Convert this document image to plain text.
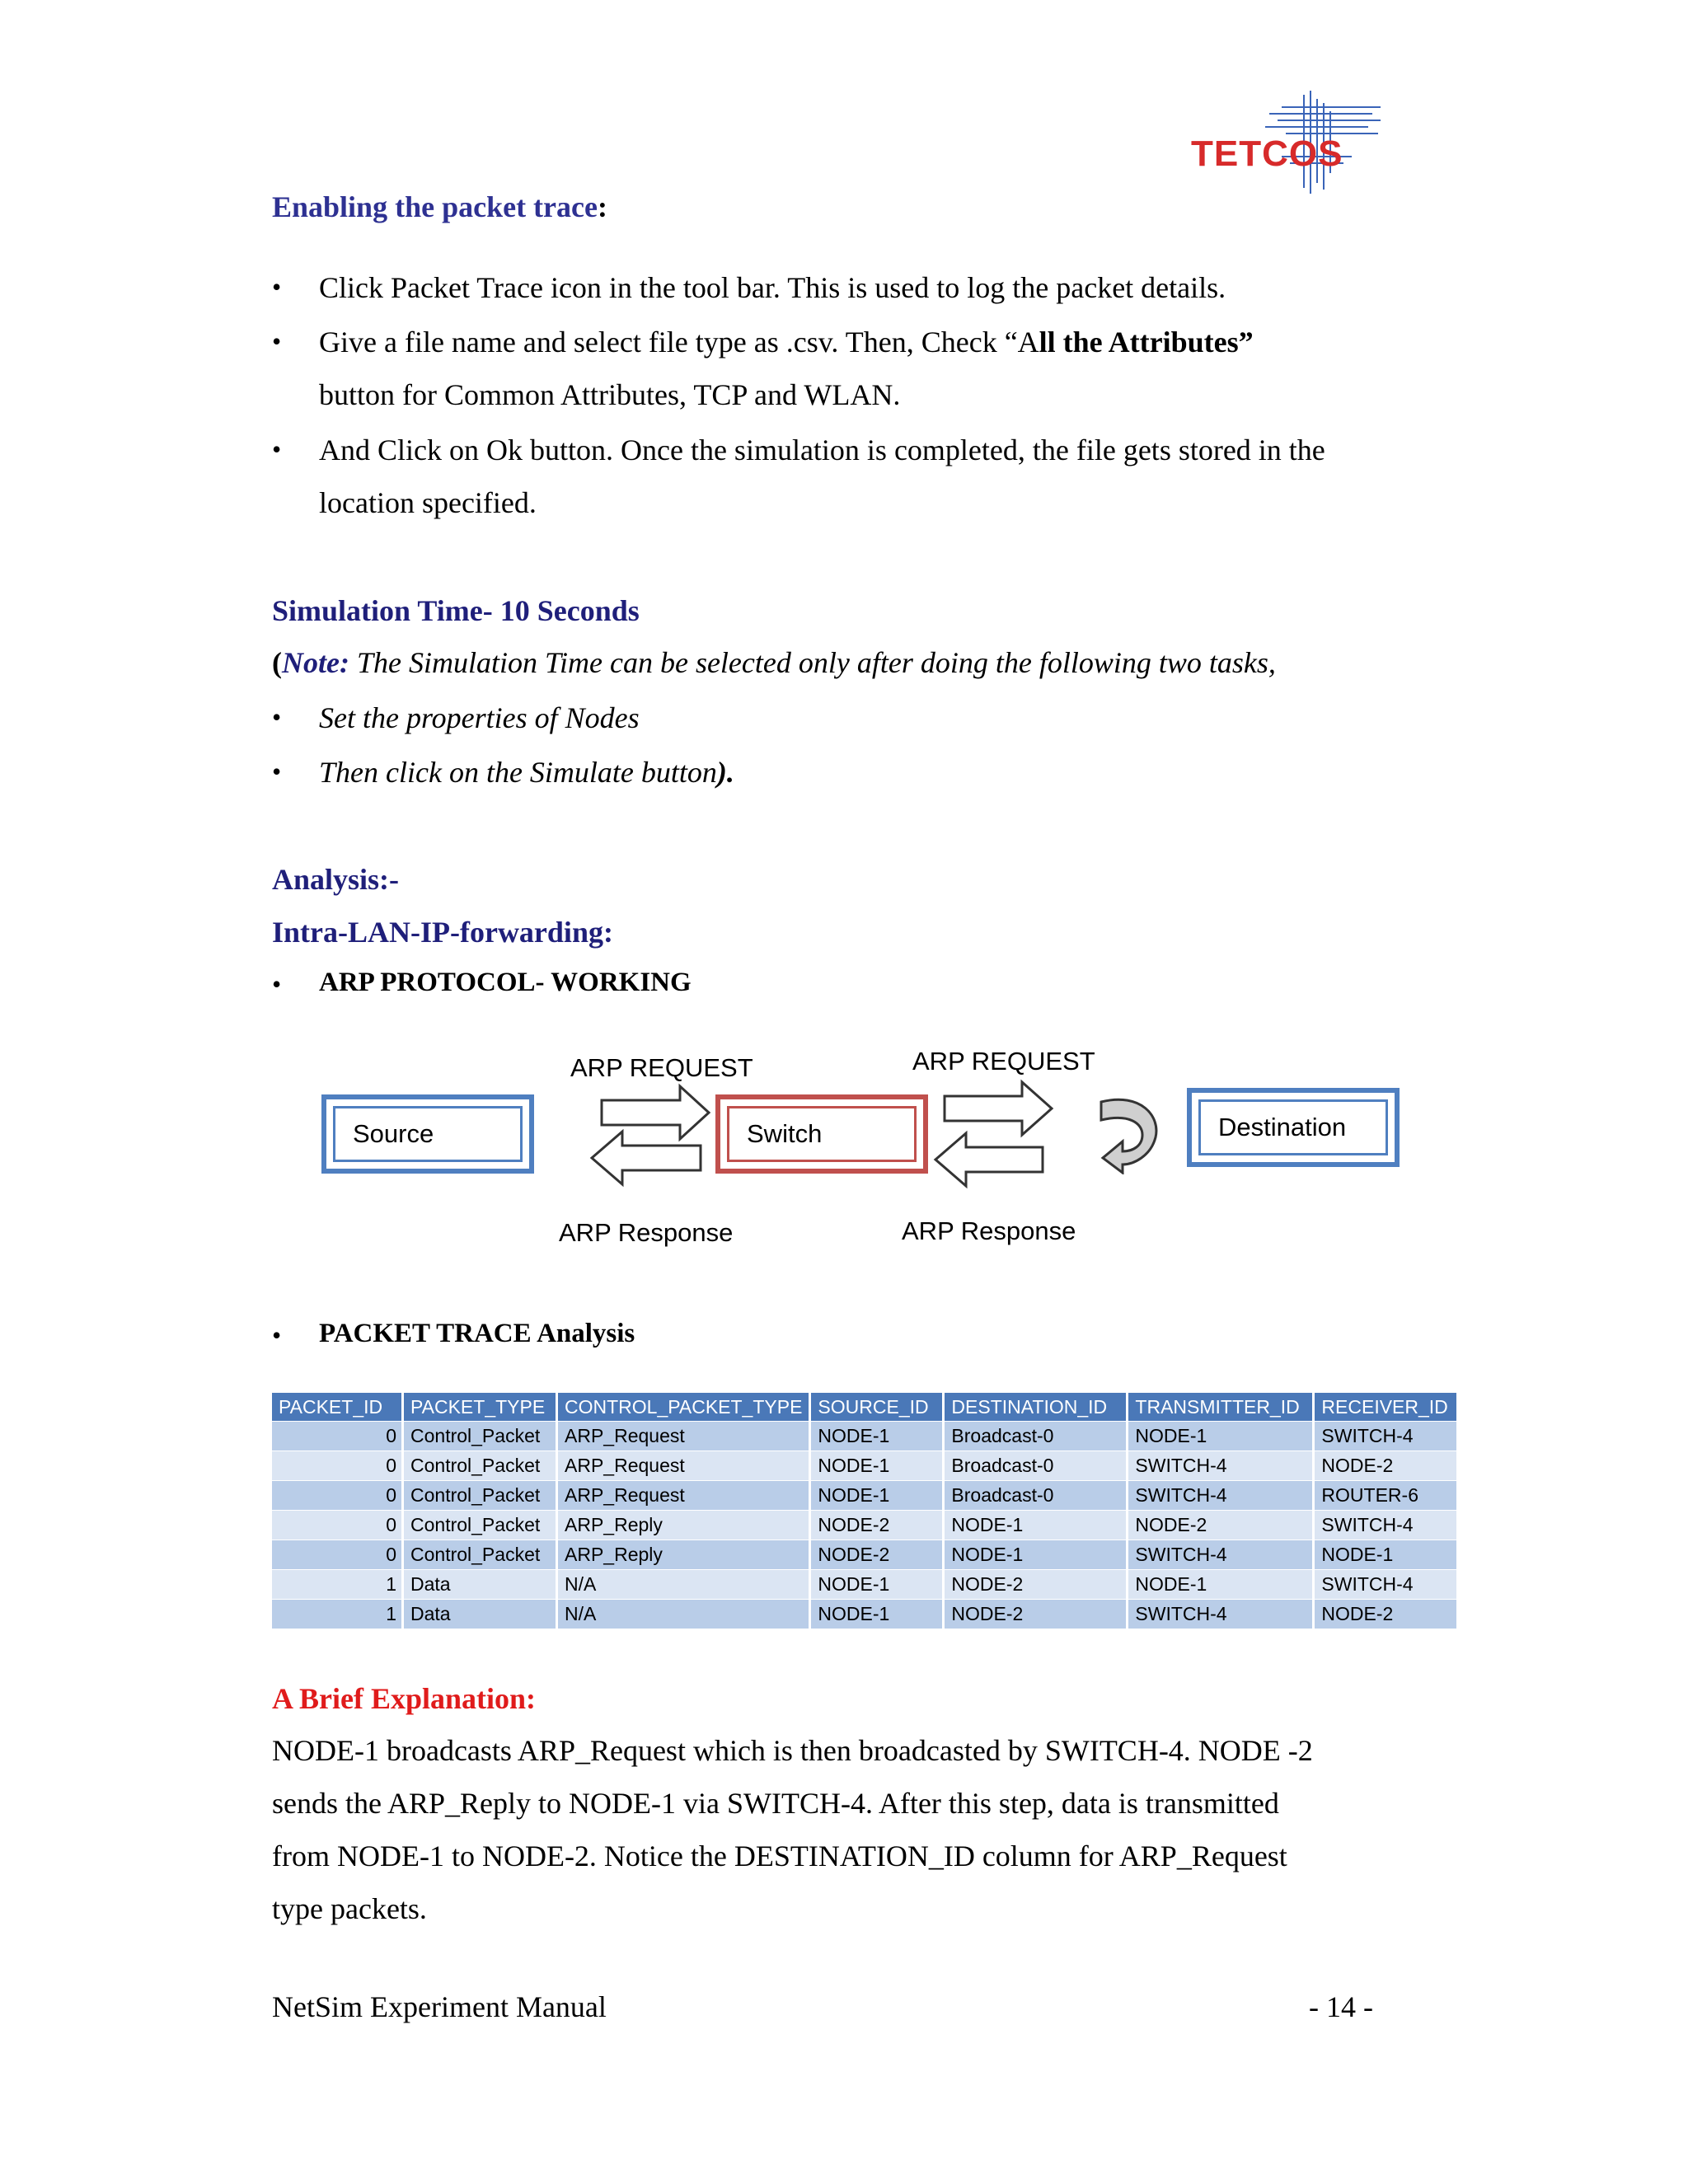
TETCOS
Enabling the packet trace:
• Click Packet Trace icon in the tool bar. This is used to log the packet details.
• Give a file name and select file type as .csv. Then, Check “All the Attributes”
button for Common Attributes, TCP and WLAN.
• And Click on Ok button. Once the simulation is completed, the file gets stored in the
location specified.
Simulation Time- 10 Seconds
(Note: The Simulation Time can be selected only after doing the following two tasks,
• Set the properties of Nodes
• Then click on the Simulate button).
Analysis:-
Intra-LAN-IP-forwarding:
• ARP PROTOCOL- WORKING
ARP REQUEST	ARP REQUEST
Source	Switch	Destination
ARP Response	ARP Response
• PACKET TRACE Analysis
PACKET_ID	PACKET_TYPE	CONTROL_PACKET_TYPE	SOURCE_ID	DESTINATION_ID	TRANSMITTER_ID	RECEIVER_ID
0	Control_Packet	ARP_Request	NODE-1	Broadcast-0	NODE-1	SWITCH-4
0	Control_Packet	ARP_Request	NODE-1	Broadcast-0	SWITCH-4	NODE-2
0	Control_Packet	ARP_Request	NODE-1	Broadcast-0	SWITCH-4	ROUTER-6
0	Control_Packet	ARP_Reply	NODE-2	NODE-1	NODE-2	SWITCH-4
0	Control_Packet	ARP_Reply	NODE-2	NODE-1	SWITCH-4	NODE-1
1	Data	N/A	NODE-1	NODE-2	NODE-1	SWITCH-4
1	Data	N/A	NODE-1	NODE-2	SWITCH-4	NODE-2
A Brief Explanation:
NODE-1 broadcasts ARP_Request which is then broadcasted by SWITCH-4. NODE -2
sends the ARP_Reply to NODE-1 via SWITCH-4. After this step, data is transmitted
from NODE-1 to NODE-2. Notice the DESTINATION_ID column for ARP_Request
type packets.
NetSim Experiment Manual	- 14 -
